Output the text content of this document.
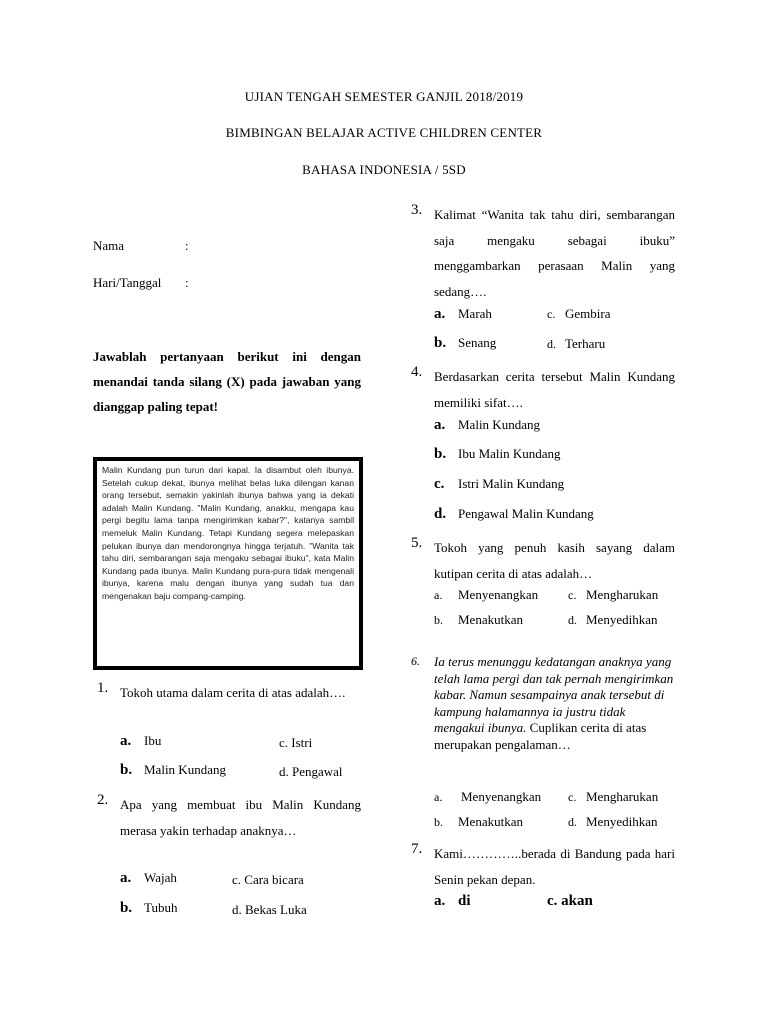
UJIAN TENGAH SEMESTER GANJIL 2018/2019
BIMBINGAN BELAJAR ACTIVE CHILDREN CENTER
BAHASA INDONESIA / 5SD
Nama	:
Hari/Tanggal :
Jawablah pertanyaan berikut ini dengan menandai tanda silang (X) pada jawaban yang dianggap paling tepat!

Malin Kundang pun turun dari kapal. Ia disambut oleh ibunya. Setelah cukup dekat, ibunya melihat belas luka dilengan kanan orang tersebut, semakin yakinlah ibunya bahwa yang ia dekati adalah Malin Kundang. "Malin Kundang, anakku, mengapa kau pergi begitu lama tanpa mengirimkan kabar?", katanya sambil memeluk Malin Kundang. Tetapi Kundang segera melepaskan pelukan ibunya dan mendorongnya hingga terjatuh. "Wanita tak tahu diri, sembarangan saja mengaku sebagai ibuku", kata Malin Kundang pada ibunya. Malin Kundang pura-pura tidak mengenali ibunya, karena malu dengan ibunya yang sudah tua dan mengenakan baju compang-camping.

1. Tokoh utama dalam cerita di atas adalah….
a. Ibu	c. Istri
b. Malin Kundang	d. Pengawal
2. Apa yang membuat ibu Malin Kundang merasa yakin terhadap anaknya…
a. Wajah	c. Cara bicara
b. Tubuh	d. Bekas Luka
3. Kalimat “Wanita tak tahu diri, sembarangan saja mengaku sebagai ibuku” menggambarkan perasaan Malin yang sedang….
a. Marah	c. Gembira
b. Senang	d. Terharu
4. Berdasarkan cerita tersebut Malin Kundang memiliki sifat….
a. Malin Kundang
b. Ibu Malin Kundang
c. Istri Malin Kundang
d. Pengawal Malin Kundang
5. Tokoh yang penuh kasih sayang dalam kutipan cerita di atas adalah…
a. Menyenangkan c. Mengharukan
b. Menakutkan	d. Menyedihkan
6. Ia terus menunggu kedatangan anaknya yang telah lama pergi dan tak pernah mengirimkan kabar. Namun sesampainya anak tersebut di kampung halamannya ia justru tidak mengakui ibunya. Cuplikan cerita di atas merupakan pengalaman…
a. Menyenangkan c. Mengharukan
b. Menakutkan	d. Menyedihkan
7. Kami…………..berada di Bandung pada hari Senin pekan depan.
a. di	c. akan
